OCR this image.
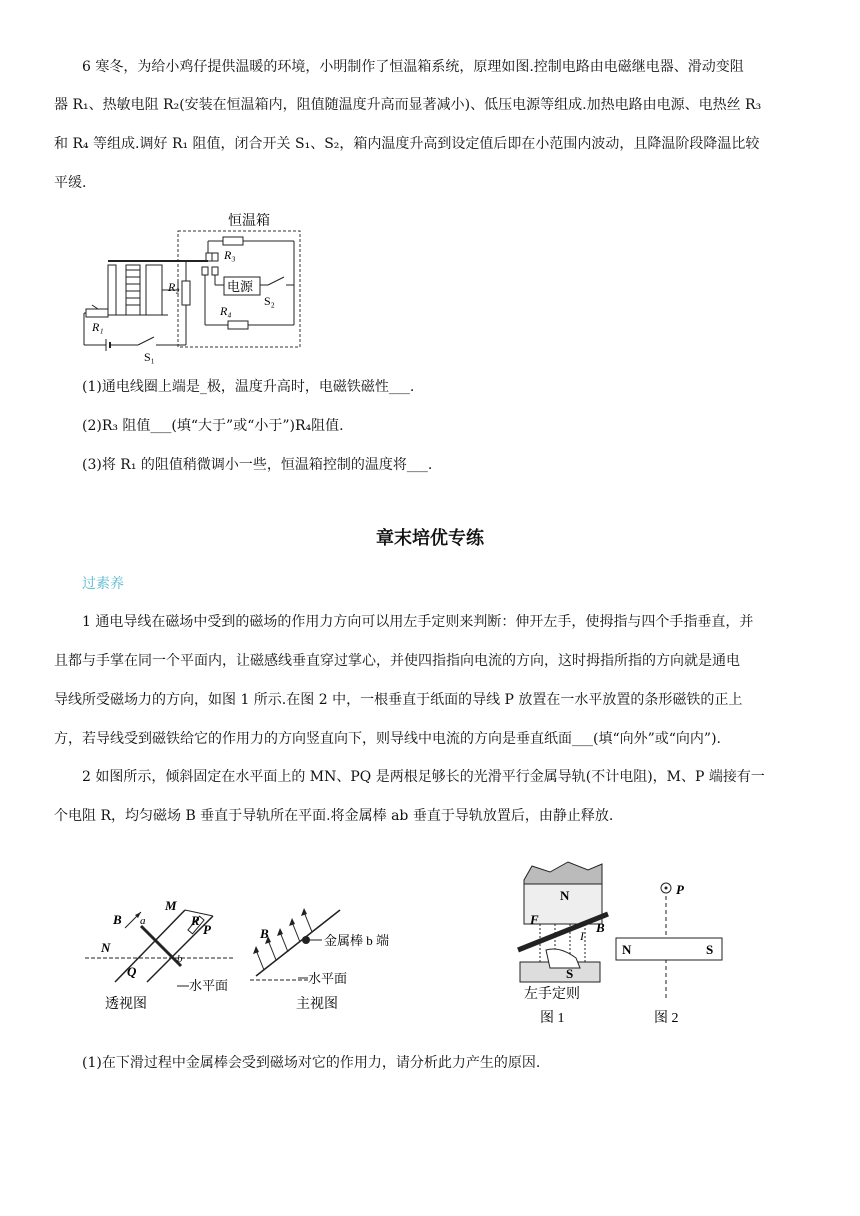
6 寒冬，为给小鸡仔提供温暖的环境，小明制作了恒温箱系统，原理如图.控制电路由电磁继电器、滑动变阻
器 R₁、热敏电阻 R₂(安装在恒温箱内，阻值随温度升高而显著减小)、低压电源等组成.加热电路由电源、电热丝 R₃
和 R₄ 等组成.调好 R₁ 阻值，闭合开关 S₁、S₂，箱内温度升高到设定值后即在小范围内波动，且降温阶段降温比较
平缓.
恒温箱
R₃
电源
S₂
R₄
R₂
R₁
S₁
(1)通电线圈上端是_极，温度升高时，电磁铁磁性___.
(2)R₃ 阻值___(填“大于”或“小于”)R₄阻值.
(3)将 R₁ 的阻值稍微调小一些，恒温箱控制的温度将___.
章末培优专练
过素养
1 通电导线在磁场中受到的磁场的作用力方向可以用左手定则来判断：伸开左手，使拇指与四个手指垂直，并
且都与手掌在同一个平面内，让磁感线垂直穿过掌心，并使四指指向电流的方向，这时拇指所指的方向就是通电
导线所受磁场力的方向，如图 1 所示.在图 2 中，一根垂直于纸面的导线 P 放置在一水平放置的条形磁铁的正上
方，若导线受到磁铁给它的作用力的方向竖直向下，则导线中电流的方向是垂直纸面___(填“向外”或“向内”).
2 如图所示，倾斜固定在水平面上的 MN、PQ 是两根足够长的光滑平行金属导轨(不计电阻)，M、P 端接有一
个电阻 R，均匀磁场 B 垂直于导轨所在平面.将金属棒 ab 垂直于导轨放置后，由静止释放.
B a
M
R
P
N
Q
b
水平面
透视图
金属棒 b 端
B
水平面
主视图
N
F
I
B
S
左手定则
图 1
P
N	S
图 2
(1)在下滑过程中金属棒会受到磁场对它的作用力，请分析此力产生的原因.
